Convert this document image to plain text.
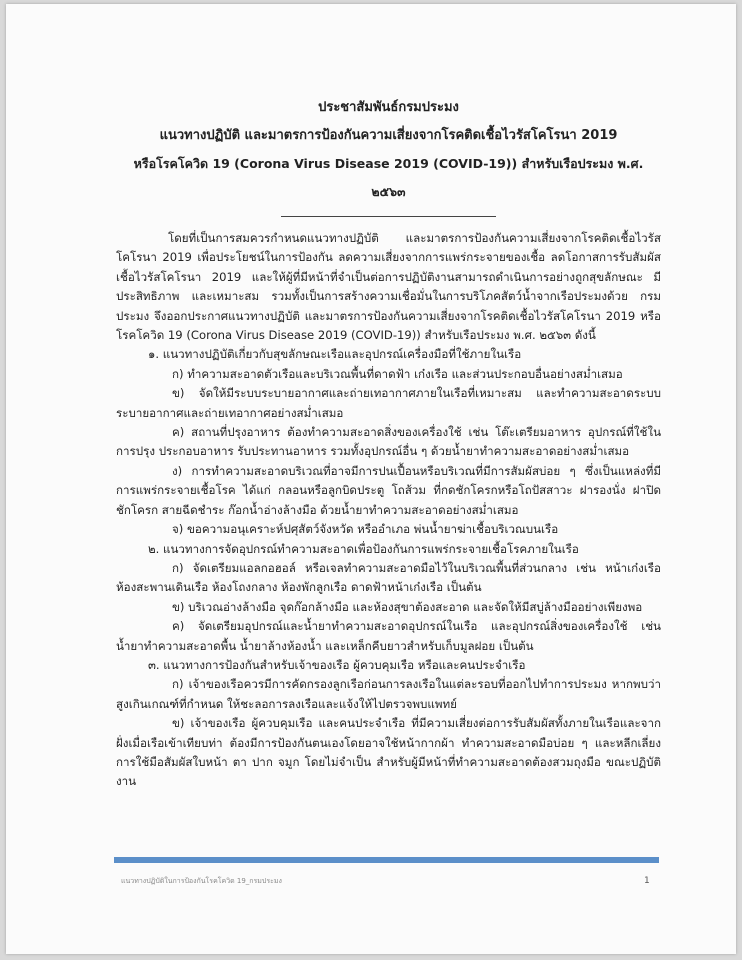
ประชาสัมพันธ์กรมประมง
แนวทางปฏิบัติ และมาตรการป้องกันความเสี่ยงจากโรคติดเชื้อไวรัสโคโรนา 2019
หรือโรคโควิด 19 (Corona Virus Disease 2019 (COVID-19)) สำหรับเรือประมง พ.ศ. ๒๕๖๓

โดยที่เป็นการสมควรกำหนดแนวทางปฏิบัติ และมาตรการป้องกันความเสี่ยงจากโรคติดเชื้อไวรัสโคโรนา 2019 เพื่อประโยชน์ในการป้องกัน ลดความเสี่ยงจากการแพร่กระจายของเชื้อ ลดโอกาสการรับสัมผัสเชื้อไวรัสโคโรนา 2019 และให้ผู้ที่มีหน้าที่จำเป็นต่อการปฏิบัติงานสามารถดำเนินการอย่างถูกสุขลักษณะ มีประสิทธิภาพ และเหมาะสม รวมทั้งเป็นการสร้างความเชื่อมั่นในการบริโภคสัตว์น้ำจากเรือประมงด้วย กรมประมง จึงออกประกาศแนวทางปฏิบัติ และมาตรการป้องกันความเสี่ยงจากโรคติดเชื้อไวรัสโคโรนา 2019 หรือโรคโควิด 19 (Corona Virus Disease 2019 (COVID-19)) สำหรับเรือประมง พ.ศ. ๒๕๖๓ ดังนี้

๑. แนวทางปฏิบัติเกี่ยวกับสุขลักษณะเรือและอุปกรณ์เครื่องมือที่ใช้ภายในเรือ

ก) ทำความสะอาดตัวเรือและบริเวณพื้นที่ดาดฟ้า เก๋งเรือ และส่วนประกอบอื่นอย่างสม่ำเสมอ

ข) จัดให้มีระบบระบายอากาศและถ่ายเทอากาศภายในเรือที่เหมาะสม และทำความสะอาดระบบระบายอากาศและถ่ายเทอากาศอย่างสม่ำเสมอ

ค) สถานที่ปรุงอาหาร ต้องทำความสะอาดสิ่งของเครื่องใช้ เช่น โต๊ะเตรียมอาหาร อุปกรณ์ที่ใช้ในการปรุง ประกอบอาหาร รับประทานอาหาร รวมทั้งอุปกรณ์อื่น ๆ ด้วยน้ำยาทำความสะอาดอย่างสม่ำเสมอ

ง) การทำความสะอาดบริเวณที่อาจมีการปนเปื้อนหรือบริเวณที่มีการสัมผัสบ่อย ๆ ซึ่งเป็นแหล่งที่มีการแพร่กระจายเชื้อโรค ได้แก่ กลอนหรือลูกบิดประตู โถส้วม ที่กดชักโครกหรือโถปัสสาวะ ฝารองนั่ง ฝาปิดชักโครก สายฉีดชำระ ก๊อกน้ำอ่างล้างมือ ด้วยน้ำยาทำความสะอาดอย่างสม่ำเสมอ

จ) ขอความอนุเคราะห์ปศุสัตว์จังหวัด หรืออำเภอ พ่นน้ำยาฆ่าเชื้อบริเวณบนเรือ

๒. แนวทางการจัดอุปกรณ์ทำความสะอาดเพื่อป้องกันการแพร่กระจายเชื้อโรคภายในเรือ

ก) จัดเตรียมแอลกอฮอล์ หรือเจลทำความสะอาดมือไว้ในบริเวณพื้นที่ส่วนกลาง เช่น หน้าเก๋งเรือ ห้องสะพานเดินเรือ ห้องโถงกลาง ห้องพักลูกเรือ ดาดฟ้าหน้าเก๋งเรือ เป็นต้น

ข) บริเวณอ่างล้างมือ จุดก๊อกล้างมือ และห้องสุขาต้องสะอาด และจัดให้มีสบู่ล้างมืออย่างเพียงพอ

ค) จัดเตรียมอุปกรณ์และน้ำยาทำความสะอาดอุปกรณ์ในเรือ และอุปกรณ์สิ่งของเครื่องใช้ เช่น น้ำยาทำความสะอาดพื้น น้ำยาล้างห้องน้ำ และเหล็กคีบยาวสำหรับเก็บมูลฝอย เป็นต้น

๓. แนวทางการป้องกันสำหรับเจ้าของเรือ ผู้ควบคุมเรือ หรือและคนประจำเรือ

ก) เจ้าของเรือควรมีการคัดกรองลูกเรือก่อนการลงเรือในแต่ละรอบที่ออกไปทำการประมง หากพบว่าสูงเกินเกณฑ์ที่กำหนด ให้ชะลอการลงเรือและแจ้งให้ไปตรวจพบแพทย์

ข) เจ้าของเรือ ผู้ควบคุมเรือ และคนประจำเรือ ที่มีความเสี่ยงต่อการรับสัมผัสทั้งภายในเรือและจากฝั่งเมื่อเรือเข้าเทียบท่า ต้องมีการป้องกันตนเองโดยอาจใช้หน้ากากผ้า ทำความสะอาดมือบ่อย ๆ และหลีกเลี่ยงการใช้มือสัมผัสใบหน้า ตา ปาก จมูก โดยไม่จำเป็น สำหรับผู้มีหน้าที่ทำความสะอาดต้องสวมถุงมือ ขณะปฏิบัติงาน

แนวทางปฏิบัติในการป้องกันโรคโควิด 19_กรมประมง	1
